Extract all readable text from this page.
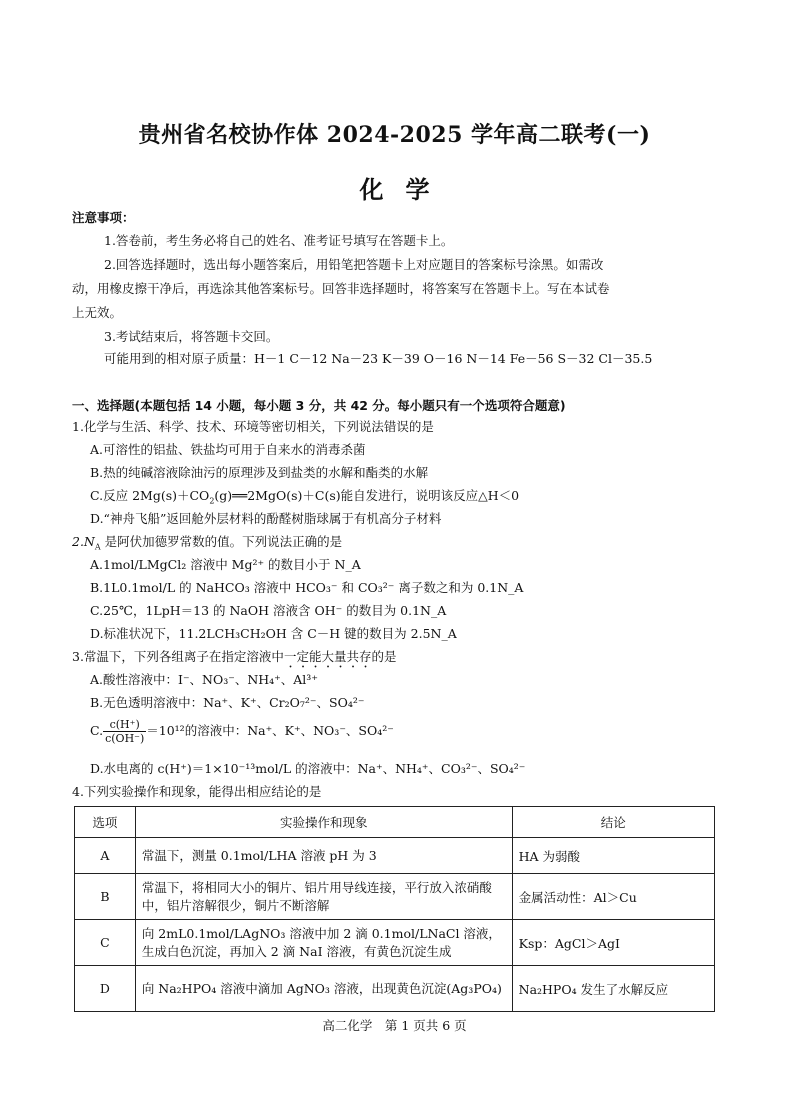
贵州省名校协作体 2024-2025 学年高二联考(一)
化学
注意事项：
1.答卷前，考生务必将自己的姓名、准考证号填写在答题卡上。
2.回答选择题时，选出每小题答案后，用铅笔把答题卡上对应题目的答案标号涂黑。如需改
动，用橡皮擦干净后，再选涂其他答案标号。回答非选择题时，将答案写在答题卡上。写在本试卷
上无效。
3.考试结束后，将答题卡交回。
可能用到的相对原子质量：H－1 C－12 Na－23 K－39 O－16 N－14 Fe－56 S－32 Cl－35.5
一、选择题(本题包括 14 小题，每小题 3 分，共 42 分。每小题只有一个选项符合题意)
1.化学与生活、科学、技术、环境等密切相关，下列说法错误的是
A.可溶性的铝盐、铁盐均可用于自来水的消毒杀菌
B.热的纯碱溶液除油污的原理涉及到盐类的水解和酯类的水解
C.反应 $2Mg(s)+CO_2(g)══2MgO(s)+C(s)$能自发进行，说明该反应△H＜0
D.“神舟飞船”返回舱外层材料的酚醛树脂球属于有机高分子材料
$2.N_A$ 是阿伏加德罗常数的值。下列说法正确的是
A.1mol/LMgCl₂ 溶液中 Mg²⁺ 的数目小于 N_A
B.1L0.1mol/L 的 NaHCO₃ 溶液中 HCO₃⁻ 和 CO₃²⁻ 离子数之和为 0.1N_A
C.25℃，1LpH＝13 的 NaOH 溶液含 OH⁻ 的数目为 0.1N_A
D.标准状况下，11.2LCH₃CH₂OH 含 C－H 键的数目为 2.5N_A
3.常温下，下列各组离子在指定溶液中一定能大量共存的是
A.酸性溶液中：I⁻、NO₃⁻、NH₄⁺、Al³⁺
B.无色透明溶液中：Na⁺、K⁺、Cr₂O₇²⁻、SO₄²⁻
C. $\frac{c(H^+)}{c(OH^-)} =10^{12}$的溶液中：Na⁺、K⁺、NO₃⁻、SO₄²⁻
D.水电离的 c(H⁺)＝1×10⁻¹³mol/L 的溶液中：Na⁺、NH₄⁺、CO₃²⁻、SO₄²⁻
4.下列实验操作和现象，能得出相应结论的是
选项	实验操作和现象	结论
A	常温下，测量 0.1mol/LHA 溶液 pH 为 3	HA 为弱酸
B	常温下，将相同大小的铜片、铝片用导线连接，平行放入浓硝酸中，铝片溶解很少，铜片不断溶解	金属活动性：Al＞Cu
C	向 2mL0.1mol/LAgNO₃ 溶液中加 2 滴 0.1mol/LNaCl 溶液，生成白色沉淀，再加入 2 滴 NaI 溶液，有黄色沉淀生成	Ksp：AgCl＞AgI
D	向 Na₂HPO₄ 溶液中滴加 AgNO₃ 溶液，出现黄色沉淀(Ag₃PO₄)	Na₂HPO₄ 发生了水解反应
高二化学　第 1 页共 6 页
